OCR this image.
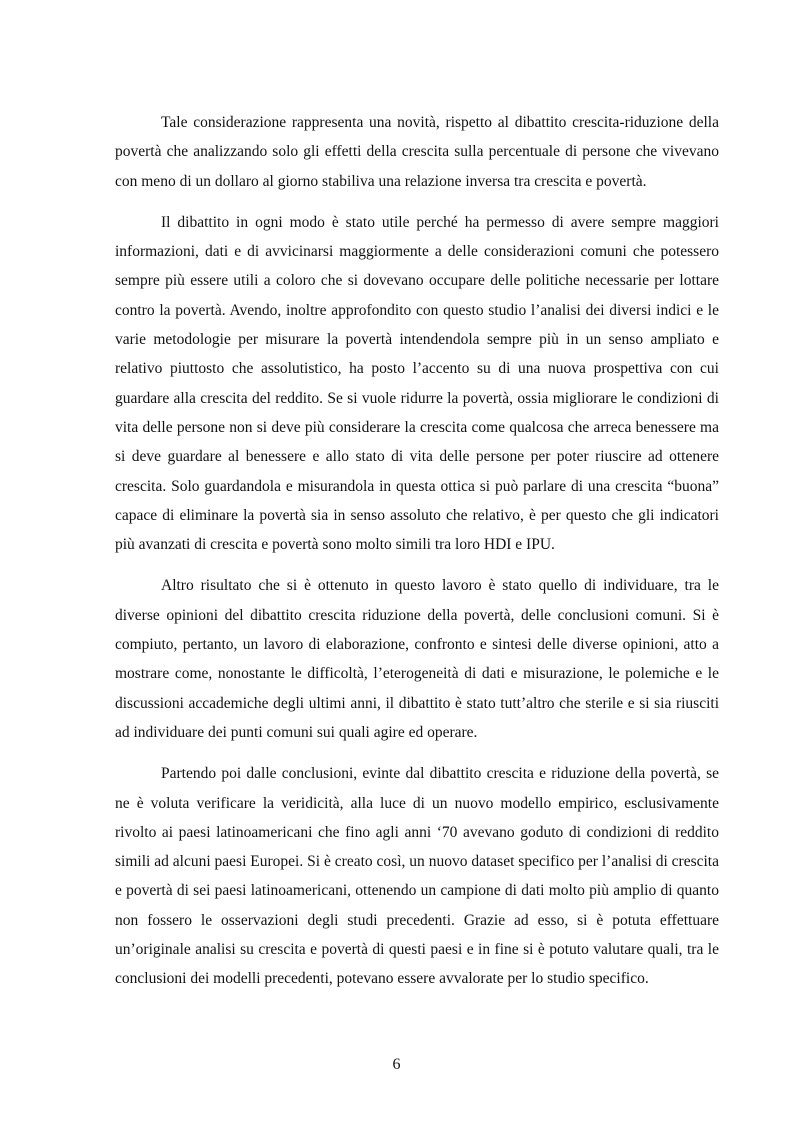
Tale considerazione rappresenta una novità, rispetto al dibattito crescita-riduzione della povertà che analizzando solo gli effetti della crescita sulla percentuale di persone che vivevano con meno di un dollaro al giorno stabiliva una relazione inversa tra crescita e povertà.

Il dibattito in ogni modo è stato utile perché ha permesso di avere sempre maggiori informazioni, dati e di avvicinarsi maggiormente a delle considerazioni comuni che potessero sempre più essere utili a coloro che si dovevano occupare delle politiche necessarie per lottare contro la povertà. Avendo, inoltre approfondito con questo studio l’analisi dei diversi indici e le varie metodologie per misurare la povertà intendendola sempre più in un senso ampliato e relativo piuttosto che assolutistico, ha posto l’accento su di una nuova prospettiva con cui guardare alla crescita del reddito. Se si vuole ridurre la povertà, ossia migliorare le condizioni di vita delle persone non si deve più considerare la crescita come qualcosa che arreca benessere ma si deve guardare al benessere e allo stato di vita delle persone per poter riuscire ad ottenere crescita. Solo guardandola e misurandola in questa ottica si può parlare di una crescita “buona” capace di eliminare la povertà sia in senso assoluto che relativo, è per questo che gli indicatori più avanzati di crescita e povertà sono molto simili tra loro HDI e IPU.

Altro risultato che si è ottenuto in questo lavoro è stato quello di individuare, tra le diverse opinioni del dibattito crescita riduzione della povertà, delle conclusioni comuni. Si è compiuto, pertanto, un lavoro di elaborazione, confronto e sintesi delle diverse opinioni, atto a mostrare come, nonostante le difficoltà, l’eterogeneità di dati e misurazione, le polemiche e le discussioni accademiche degli ultimi anni, il dibattito è stato tutt’altro che sterile e si sia riusciti ad individuare dei punti comuni sui quali agire ed operare.

Partendo poi dalle conclusioni, evinte dal dibattito crescita e riduzione della povertà, se ne è voluta verificare la veridicità, alla luce di un nuovo modello empirico, esclusivamente rivolto ai paesi latinoamericani che fino agli anni ‘70 avevano goduto di condizioni di reddito simili ad alcuni paesi Europei. Si è creato così, un nuovo dataset specifico per l’analisi di crescita e povertà di sei paesi latinoamericani, ottenendo un campione di dati molto più amplio di quanto non fossero le osservazioni degli studi precedenti. Grazie ad esso, si è potuta effettuare un’originale analisi su crescita e povertà di questi paesi e in fine si è potuto valutare quali, tra le conclusioni dei modelli precedenti, potevano essere avvalorate per lo studio specifico.

6
